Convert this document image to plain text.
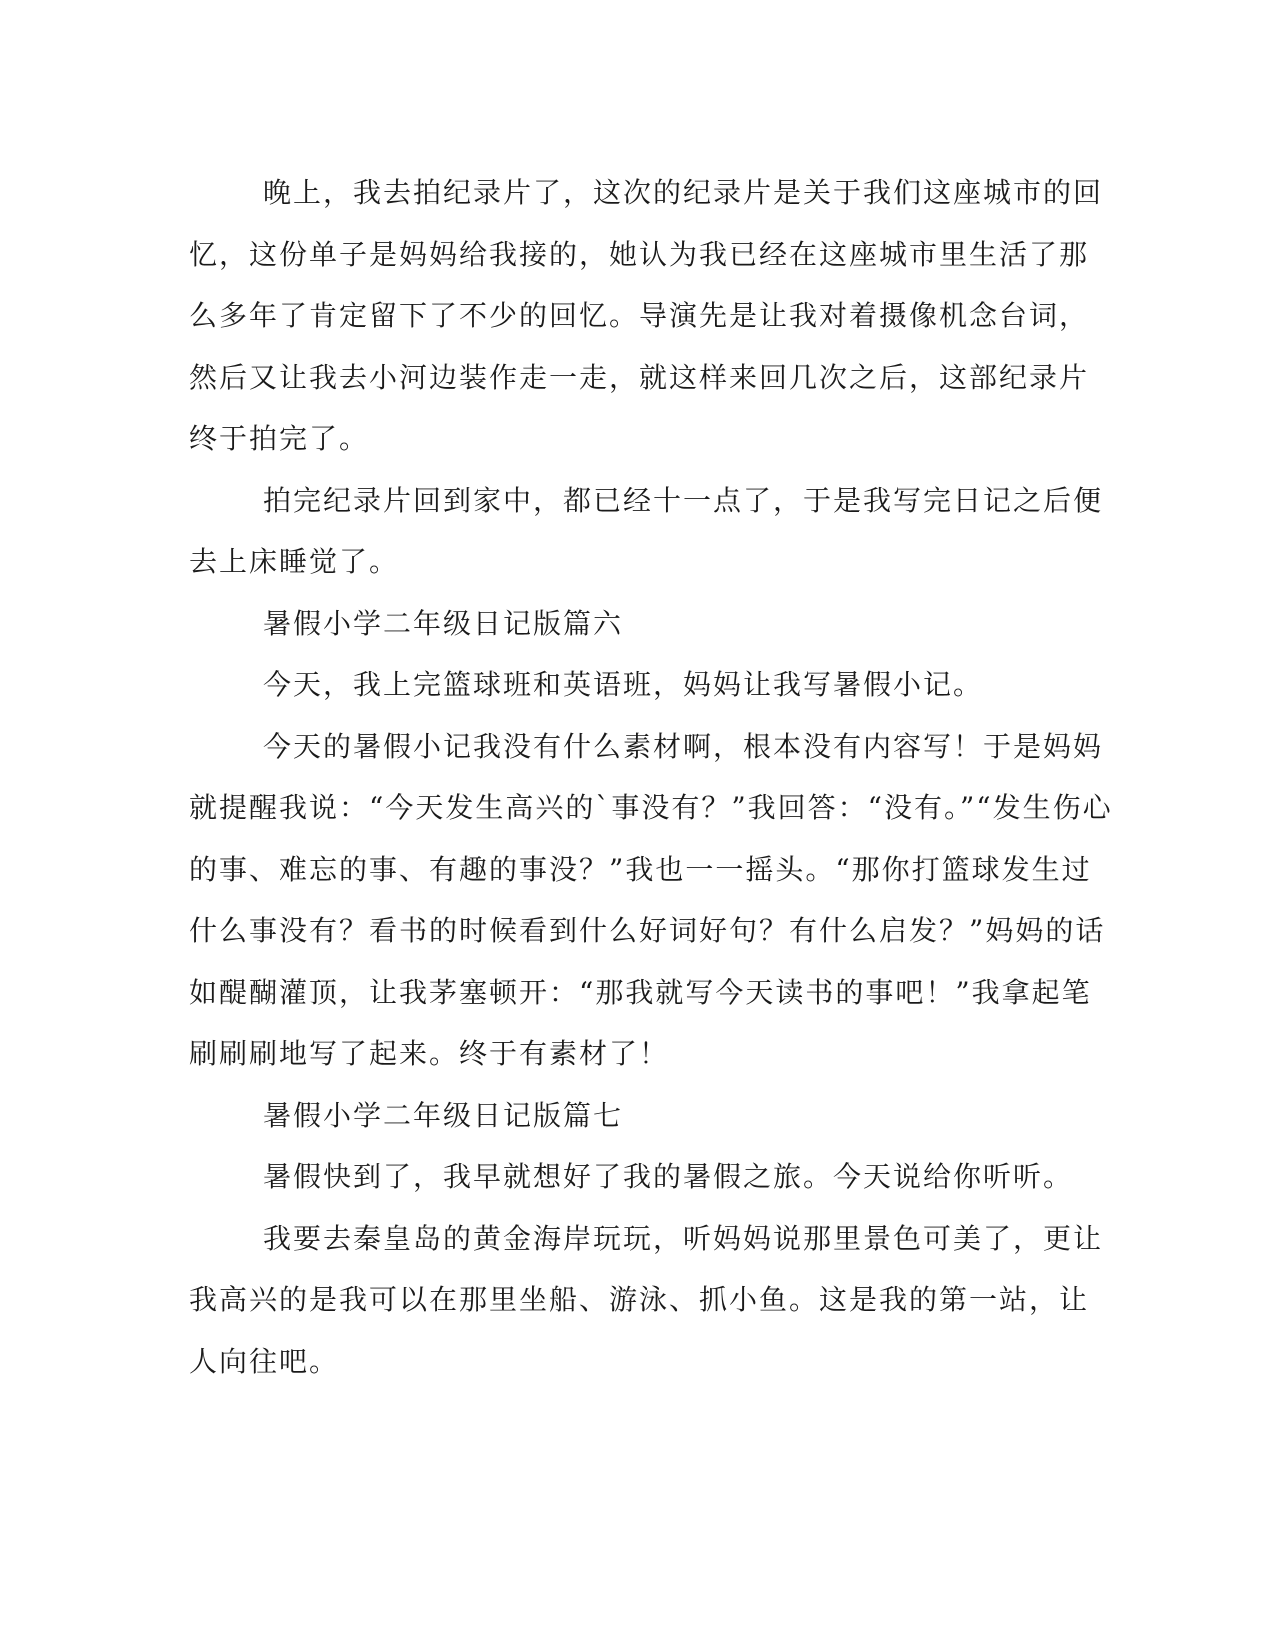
晚上，我去拍纪录片了，这次的纪录片是关于我们这座城市的回
忆，这份单子是妈妈给我接的，她认为我已经在这座城市里生活了那
么多年了肯定留下了不少的回忆。导演先是让我对着摄像机念台词，
然后又让我去小河边装作走一走，就这样来回几次之后，这部纪录片
终于拍完了。
拍完纪录片回到家中，都已经十一点了，于是我写完日记之后便
去上床睡觉了。
暑假小学二年级日记版篇六
今天，我上完篮球班和英语班，妈妈让我写暑假小记。
今天的暑假小记我没有什么素材啊，根本没有内容写！于是妈妈
就提醒我说：“今天发生高兴的`事没有？”我回答：“没有。”“发生伤心
的事、难忘的事、有趣的事没？”我也一一摇头。“那你打篮球发生过
什么事没有？看书的时候看到什么好词好句？有什么启发？”妈妈的话
如醍醐灌顶，让我茅塞顿开：“那我就写今天读书的事吧！”我拿起笔
刷刷刷地写了起来。终于有素材了！
暑假小学二年级日记版篇七
暑假快到了，我早就想好了我的暑假之旅。今天说给你听听。
我要去秦皇岛的黄金海岸玩玩，听妈妈说那里景色可美了，更让
我高兴的是我可以在那里坐船、游泳、抓小鱼。这是我的第一站，让
人向往吧。
